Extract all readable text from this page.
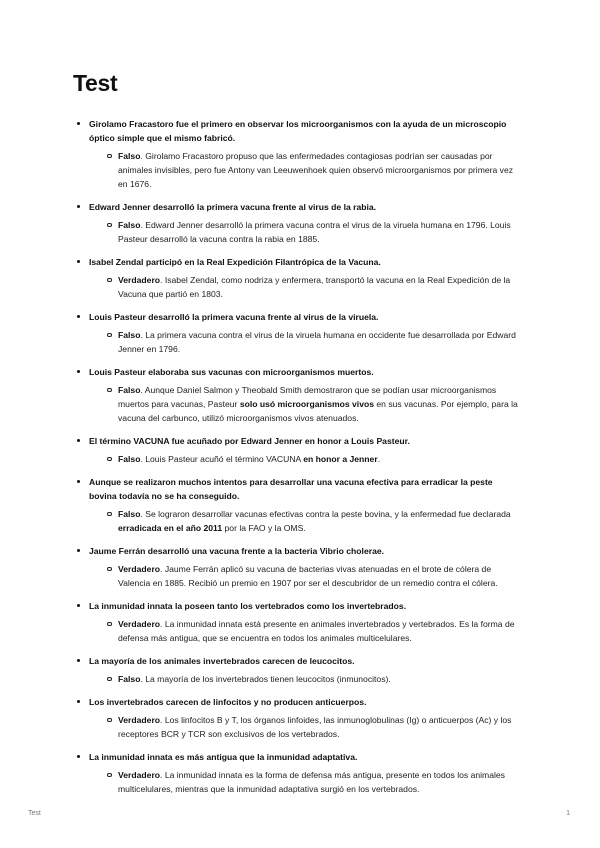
Test

Girolamo Fracastoro fue el primero en observar los microorganismos con la ayuda de un microscopio óptico simple que el mismo fabricó.

Falso. Girolamo Fracastoro propuso que las enfermedades contagiosas podrían ser causadas por animales invisibles, pero fue Antony van Leeuwenhoek quien observó microorganismos por primera vez en 1676.

Edward Jenner desarrolló la primera vacuna frente al virus de la rabia.

Falso. Edward Jenner desarrolló la primera vacuna contra el virus de la viruela humana en 1796. Louis Pasteur desarrolló la vacuna contra la rabia en 1885.

Isabel Zendal participó en la Real Expedición Filantrópica de la Vacuna.

Verdadero. Isabel Zendal, como nodriza y enfermera, transportó la vacuna en la Real Expedición de la Vacuna que partió en 1803.

Louis Pasteur desarrolló la primera vacuna frente al virus de la viruela.

Falso. La primera vacuna contra el virus de la viruela humana en occidente fue desarrollada por Edward Jenner en 1796.

Louis Pasteur elaboraba sus vacunas con microorganismos muertos.

Falso. Aunque Daniel Salmon y Theobald Smith demostraron que se podían usar microorganismos muertos para vacunas, Pasteur solo usó microorganismos vivos en sus vacunas. Por ejemplo, para la vacuna del carbunco, utilizó microorganismos vivos atenuados.

El término VACUNA fue acuñado por Edward Jenner en honor a Louis Pasteur.

Falso. Louis Pasteur acuñó el término VACUNA en honor a Jenner.

Aunque se realizaron muchos intentos para desarrollar una vacuna efectiva para erradicar la peste bovina todavía no se ha conseguido.

Falso. Se lograron desarrollar vacunas efectivas contra la peste bovina, y la enfermedad fue declarada erradicada en el año 2011 por la FAO y la OMS.

Jaume Ferrán desarrolló una vacuna frente a la bacteria Vibrio cholerae.

Verdadero. Jaume Ferrán aplicó su vacuna de bacterias vivas atenuadas en el brote de cólera de Valencia en 1885. Recibió un premio en 1907 por ser el descubridor de un remedio contra el cólera.

La inmunidad innata la poseen tanto los vertebrados como los invertebrados.

Verdadero. La inmunidad innata está presente en animales invertebrados y vertebrados. Es la forma de defensa más antigua, que se encuentra en todos los animales multicelulares.

La mayoría de los animales invertebrados carecen de leucocitos.

Falso. La mayoría de los invertebrados tienen leucocitos (inmunocitos).

Los invertebrados carecen de linfocitos y no producen anticuerpos.

Verdadero. Los linfocitos B y T, los órganos linfoides, las inmunoglobulinas (Ig) o anticuerpos (Ac) y los receptores BCR y TCR son exclusivos de los vertebrados.

La inmunidad innata es más antigua que la inmunidad adaptativa.

Verdadero. La inmunidad innata es la forma de defensa más antigua, presente en todos los animales multicelulares, mientras que la inmunidad adaptativa surgió en los vertebrados.

Test	1
